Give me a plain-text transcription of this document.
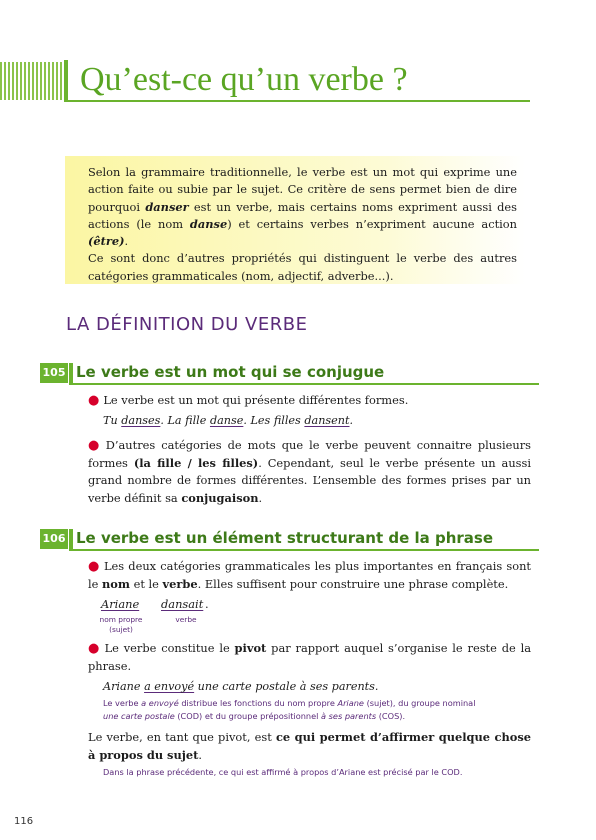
Qu’est-ce qu’un verbe ?

Selon la grammaire traditionnelle, le verbe est un mot qui exprime une action faite ou subie par le sujet. Ce critère de sens permet bien de dire pourquoi danser est un verbe, mais certains noms expriment aussi des actions (le nom danse) et certains verbes n’expriment aucune action (être).

Ce sont donc d’autres propriétés qui distinguent le verbe des autres catégories grammaticales (nom, adjectif, adverbe...).

LA DÉFINITION DU VERBE
105 Le verbe est un mot qui se conjugue

● Le verbe est un mot qui présente différentes formes.

Tu danses. La fille danse. Les filles dansent.

● D’autres catégories de mots que le verbe peuvent connaitre plusieurs formes (la fille / les filles). Cependant, seul le verbe présente un aussi grand nombre de formes différentes. L’ensemble des formes prises par un verbe définit sa conjugaison.

106 Le verbe est un élément structurant de la phrase

● Les deux catégories grammaticales les plus importantes en français sont le nom et le verbe. Elles suffisent pour construire une phrase complète.

Ariane dansait .
nom propre
(sujet)
verbe

● Le verbe constitue le pivot par rapport auquel s’organise le reste de la phrase.

Ariane a envoyé une carte postale à ses parents.

Le verbe a envoyé distribue les fonctions du nom propre Ariane (sujet), du groupe nominal
une carte postale (COD) et du groupe prépositionnel à ses parents (COS).

Le verbe, en tant que pivot, est ce qui permet d’affirmer quelque chose à propos du sujet.

Dans la phrase précédente, ce qui est affirmé à propos d’Ariane est précisé par le COD.

116
